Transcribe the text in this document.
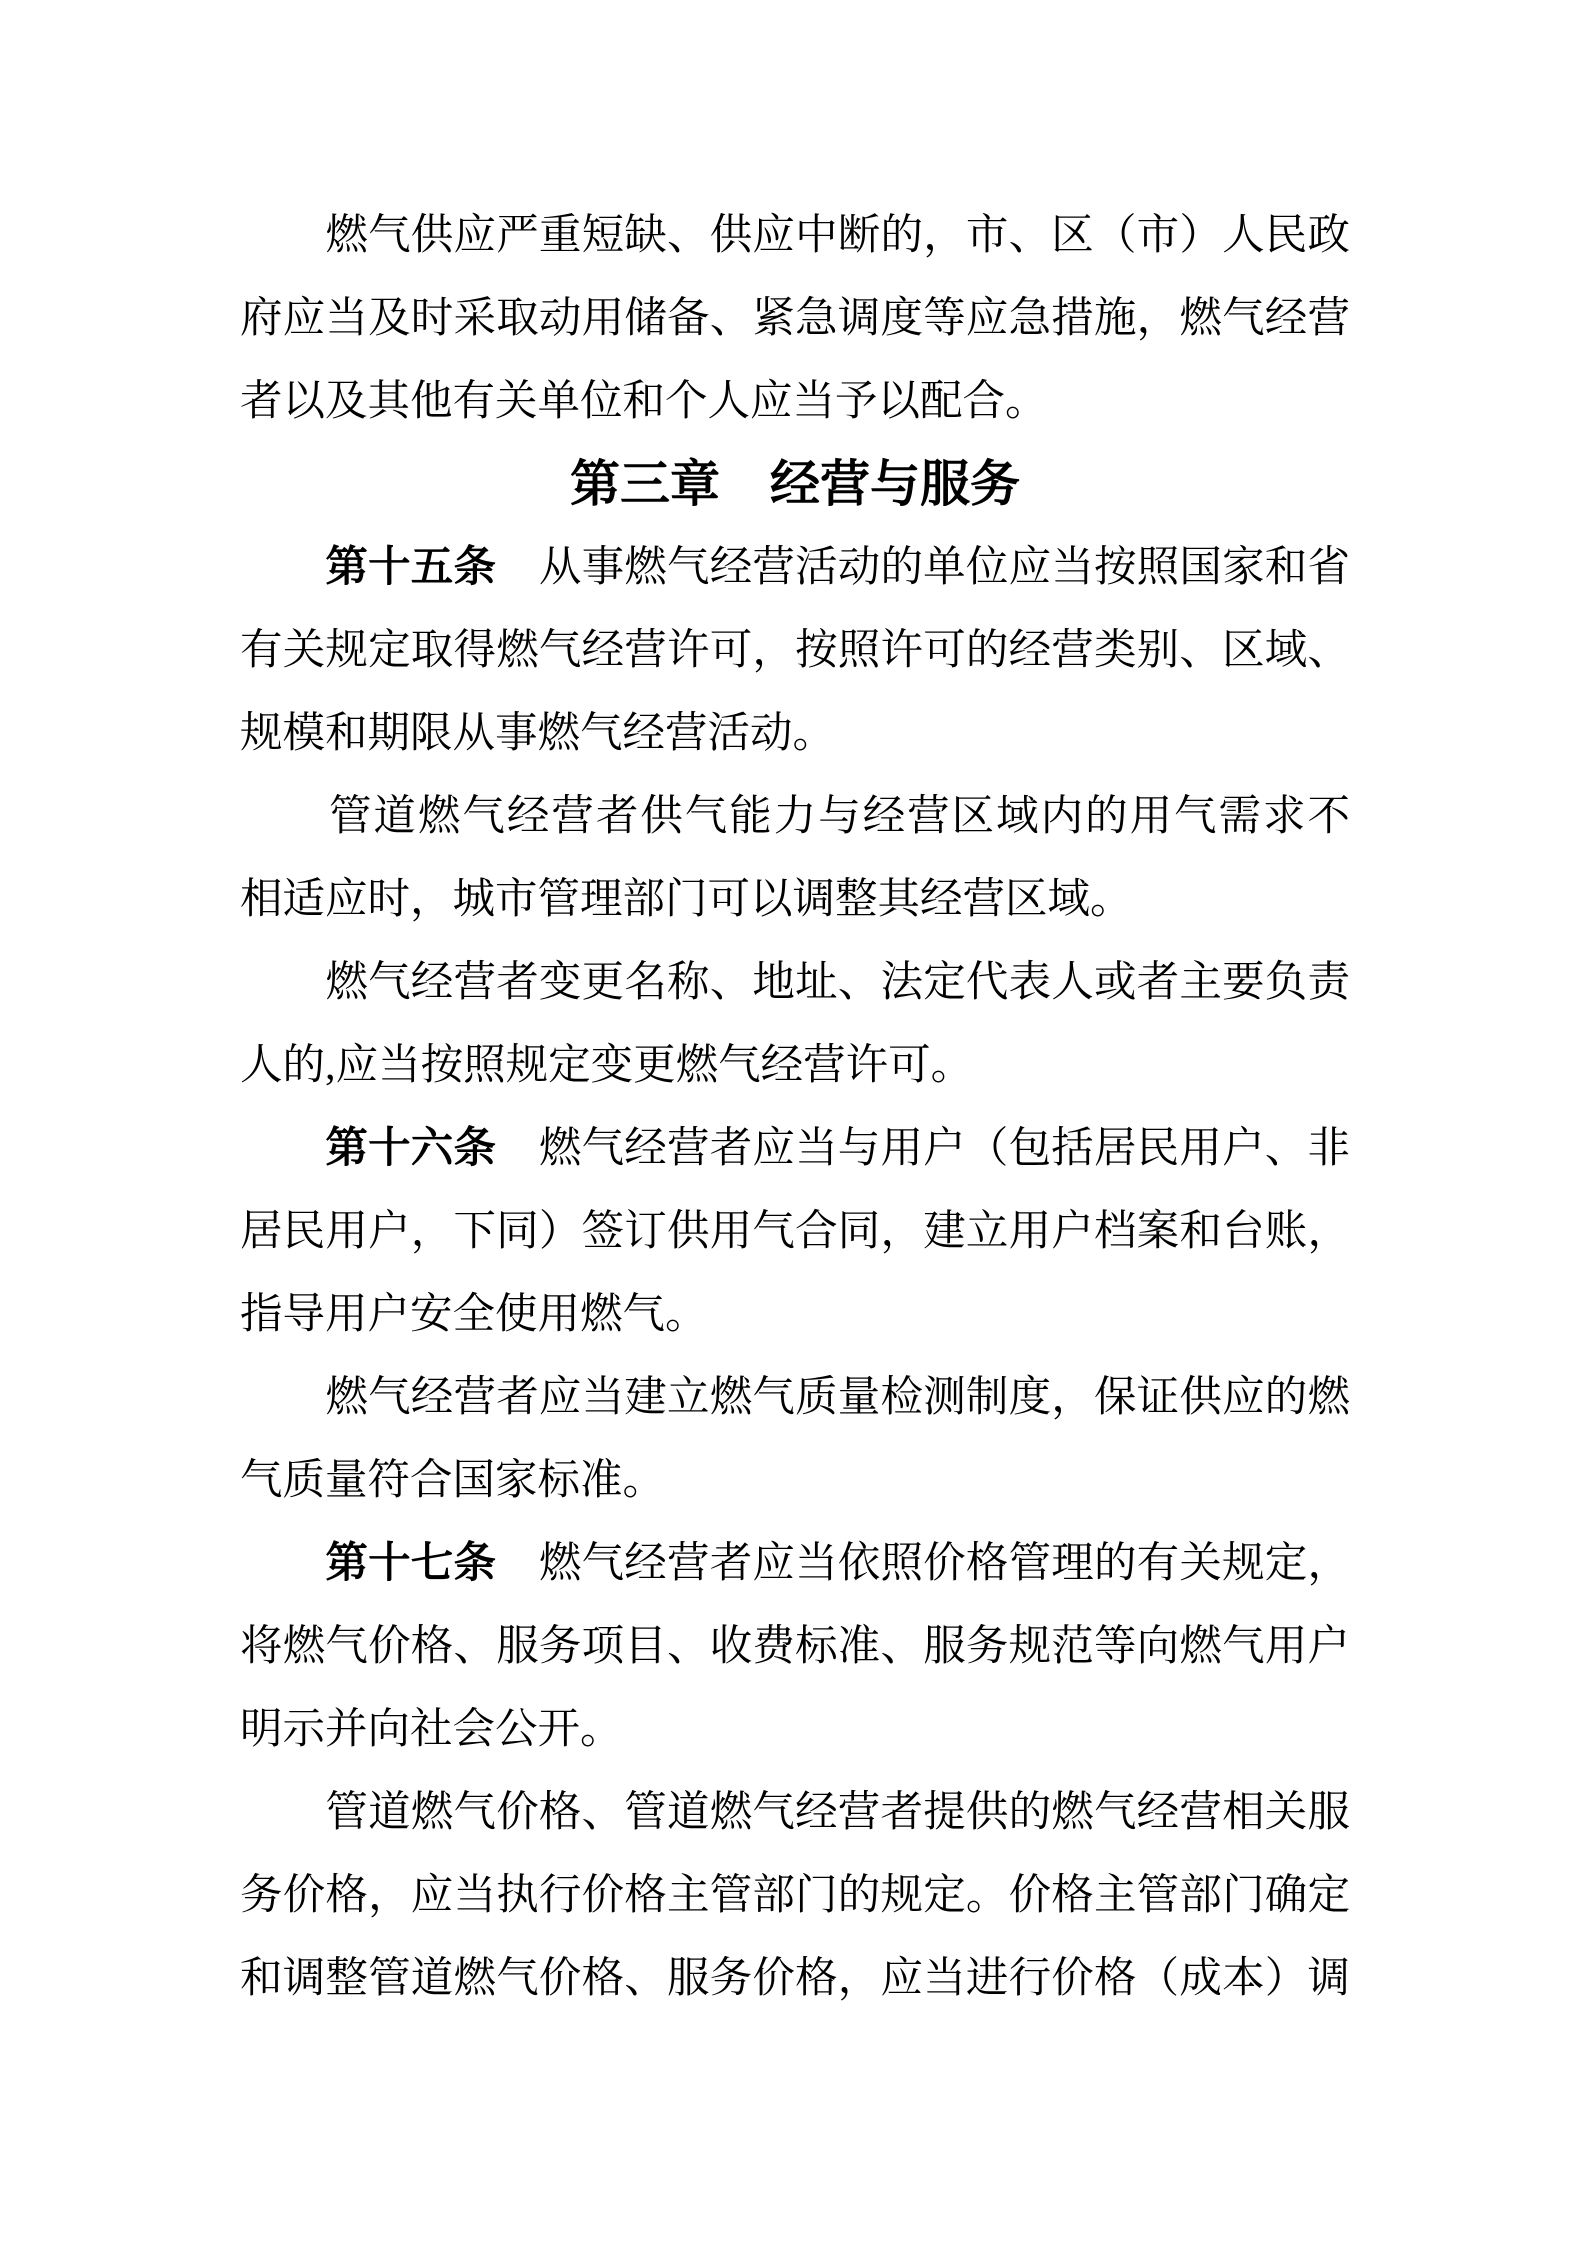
　　燃气供应严重短缺、供应中断的，市、区（市）人民政
府应当及时采取动用储备、紧急调度等应急措施，燃气经营
者以及其他有关单位和个人应当予以配合。
第三章　经营与服务
　　第十五条　从事燃气经营活动的单位应当按照国家和省
有关规定取得燃气经营许可，按照许可的经营类别、区域、
规模和期限从事燃气经营活动。
　　管道燃气经营者供气能力与经营区域内的用气需求不
相适应时，城市管理部门可以调整其经营区域。
　　燃气经营者变更名称、地址、法定代表人或者主要负责
人的,应当按照规定变更燃气经营许可。
　　第十六条　燃气经营者应当与用户（包括居民用户、非
居民用户，下同）签订供用气合同，建立用户档案和台账，
指导用户安全使用燃气。
　　燃气经营者应当建立燃气质量检测制度，保证供应的燃
气质量符合国家标准。
　　第十七条　燃气经营者应当依照价格管理的有关规定，
将燃气价格、服务项目、收费标准、服务规范等向燃气用户
明示并向社会公开。
　　管道燃气价格、管道燃气经营者提供的燃气经营相关服
务价格，应当执行价格主管部门的规定。价格主管部门确定
和调整管道燃气价格、服务价格，应当进行价格（成本）调
